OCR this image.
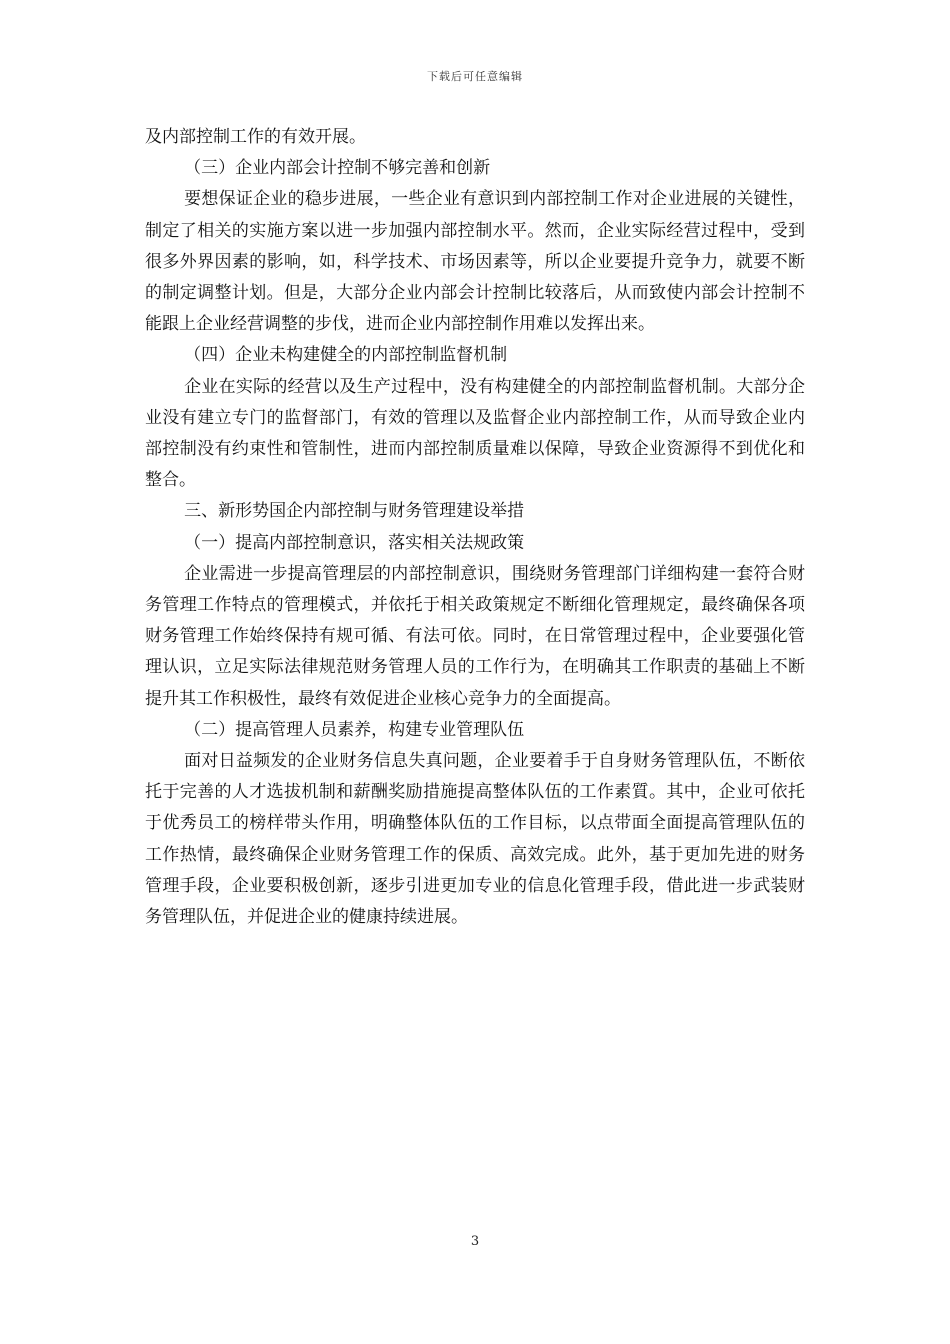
下载后可任意编辑

及内部控制工作的有效开展。

（三）企业内部会计控制不够完善和创新

要想保证企业的稳步进展，一些企业有意识到内部控制工作对企业进展的关键性，制定了相关的实施方案以进一步加强内部控制水平。然而，企业实际经营过程中，受到很多外界因素的影响，如，科学技术、市场因素等，所以企业要提升竞争力，就要不断的制定调整计划。但是，大部分企业内部会计控制比较落后，从而致使内部会计控制不能跟上企业经营调整的步伐，进而企业内部控制作用难以发挥出来。

（四）企业未构建健全的内部控制监督机制

企业在实际的经营以及生产过程中，没有构建健全的内部控制监督机制。大部分企业没有建立专门的监督部门，有效的管理以及监督企业内部控制工作，从而导致企业内部控制没有约束性和管制性，进而内部控制质量难以保障，导致企业资源得不到优化和整合。

三、新形势国企内部控制与财务管理建设举措

（一）提高内部控制意识，落实相关法规政策

企业需进一步提高管理层的内部控制意识，围绕财务管理部门详细构建一套符合财务管理工作特点的管理模式，并依托于相关政策规定不断细化管理规定，最终确保各项财务管理工作始终保持有规可循、有法可依。同时，在日常管理过程中，企业要强化管理认识，立足实际法律规范财务管理人员的工作行为，在明确其工作职责的基础上不断提升其工作积极性，最终有效促进企业核心竞争力的全面提高。

（二）提高管理人员素养，构建专业管理队伍

面对日益频发的企业财务信息失真问题，企业要着手于自身财务管理队伍，不断依托于完善的人才选拔机制和薪酬奖励措施提高整体队伍的工作素質。其中，企业可依托于优秀员工的榜样带头作用，明确整体队伍的工作目标，以点带面全面提高管理队伍的工作热情，最终确保企业财务管理工作的保质、高效完成。此外，基于更加先进的财务管理手段，企业要积极创新，逐步引进更加专业的信息化管理手段，借此进一步武装财务管理队伍，并促进企业的健康持续进展。

3
